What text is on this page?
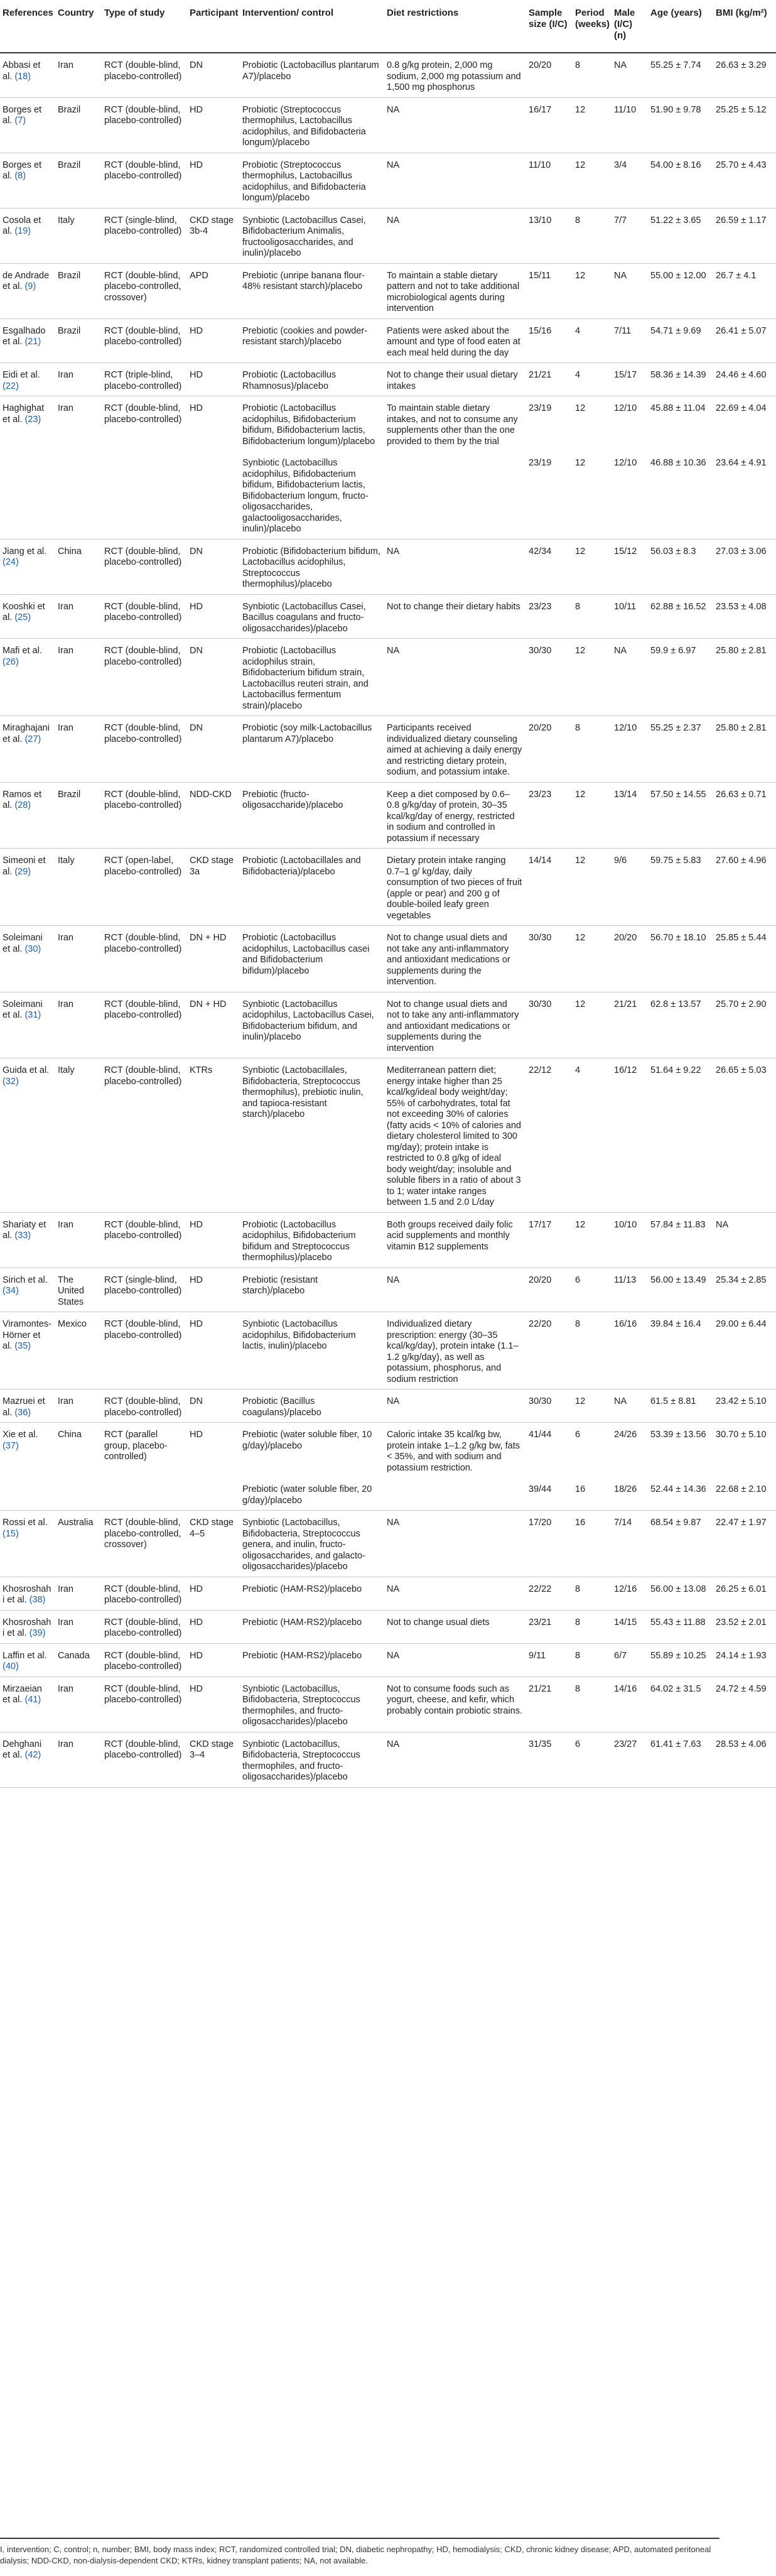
References	Country	Type of study	Participant	Intervention/ control	Diet restrictions	Sample size (I/C)	Period (weeks)	Male (I/C) (n)	Age (years)	BMI (kg/m²)
Abbasi et al. (18)	Iran	RCT (double-blind, placebo-controlled)	DN	Probiotic (Lactobacillus plantarum A7)/placebo	0.8 g/kg protein, 2,000 mg sodium, 2,000 mg potassium and 1,500 mg phosphorus	20/20	8	NA	55.25 ± 7.74	26.63 ± 3.29
Borges et al. (7)	Brazil	RCT (double-blind, placebo-controlled)	HD	Probiotic (Streptococcus thermophilus, Lactobacillus acidophilus, and Bifidobacteria longum)/placebo	NA	16/17	12	11/10	51.90 ± 9.78	25.25 ± 5.12
Borges et al. (8)	Brazil	RCT (double-blind, placebo-controlled)	HD	Probiotic (Streptococcus thermophilus, Lactobacillus acidophilus, and Bifidobacteria longum)/placebo	NA	11/10	12	3/4	54.00 ± 8.16	25.70 ± 4.43
Cosola et al. (19)	Italy	RCT (single-blind, placebo-controlled)	CKD stage 3b-4	Synbiotic (Lactobacillus Casei, Bifidobacterium Animalis, fructooligosaccharides, and inulin)/placebo	NA	13/10	8	7/7	51.22 ± 3.65	26.59 ± 1.17
de Andrade et al. (9)	Brazil	RCT (double-blind, placebo-controlled, crossover)	APD	Prebiotic (unripe banana flour-48% resistant starch)/placebo	To maintain a stable dietary pattern and not to take additional microbiological agents during intervention	15/11	12	NA	55.00 ± 12.00	26.7 ± 4.1
Esgalhado et al. (21)	Brazil	RCT (double-blind, placebo-controlled)	HD	Prebiotic (cookies and powder-resistant starch)/placebo	Patients were asked about the amount and type of food eaten at each meal held during the day	15/16	4	7/11	54.71 ± 9.69	26.41 ± 5.07
Eidi et al. (22)	Iran	RCT (triple-blind, placebo-controlled)	HD	Probiotic (Lactobacillus Rhamnosus)/placebo	Not to change their usual dietary intakes	21/21	4	15/17	58.36 ± 14.39	24.46 ± 4.60
Haghighat et al. (23)	Iran	RCT (double-blind, placebo-controlled)	HD	Probiotic (Lactobacillus acidophilus, Bifidobacterium bifidum, Bifidobacterium lactis, Bifidobacterium longum)/placebo	To maintain stable dietary intakes, and not to consume any supplements other than the one provided to them by the trial	23/19	12	12/10	45.88 ± 11.04	22.69 ± 4.04
				Synbiotic (Lactobacillus acidophilus, Bifidobacterium bifidum, Bifidobacterium lactis, Bifidobacterium longum, fructo-oligosaccharides, galactooligosaccharides, inulin)/placebo		23/19	12	12/10	46.88 ± 10.36	23.64 ± 4.91
Jiang et al. (24)	China	RCT (double-blind, placebo-controlled)	DN	Probiotic (Bifidobacterium bifidum, Lactobacillus acidophilus, Streptococcus thermophilus)/placebo	NA	42/34	12	15/12	56.03 ± 8.3	27.03 ± 3.06
Kooshki et al. (25)	Iran	RCT (double-blind, placebo-controlled)	HD	Synbiotic (Lactobacillus Casei, Bacillus coagulans and fructo-oligosaccharides)/placebo	Not to change their dietary habits	23/23	8	10/11	62.88 ± 16.52	23.53 ± 4.08
Mafi et al. (26)	Iran	RCT (double-blind, placebo-controlled)	DN	Probiotic (Lactobacillus acidophilus strain, Bifidobacterium bifidum strain, Lactobacillus reuteri strain, and Lactobacillus fermentum strain)/placebo	NA	30/30	12	NA	59.9 ± 6.97	25.80 ± 2.81
Miraghajani et al. (27)	Iran	RCT (double-blind, placebo-controlled)	DN	Probiotic (soy milk-Lactobacillus plantarum A7)/placebo	Participants received individualized dietary counseling aimed at achieving a daily energy and restricting dietary protein, sodium, and potassium intake.	20/20	8	12/10	55.25 ± 2.37	25.80 ± 2.81
Ramos et al. (28)	Brazil	RCT (double-blind, placebo-controlled)	NDD-CKD	Prebiotic (fructo-oligosaccharide)/placebo	Keep a diet composed by 0.6–0.8 g/kg/day of protein, 30–35 kcal/kg/day of energy, restricted in sodium and controlled in potassium if necessary	23/23	12	13/14	57.50 ± 14.55	26.63 ± 0.71
Simeoni et al. (29)	Italy	RCT (open-label, placebo-controlled)	CKD stage 3a	Probiotic (Lactobacillales and Bifidobacteria)/placebo	Dietary protein intake ranging 0.7–1 g/ kg/day, daily consumption of two pieces of fruit (apple or pear) and 200 g of double-boiled leafy green vegetables	14/14	12	9/6	59.75 ± 5.83	27.60 ± 4.96
Soleimani et al. (30)	Iran	RCT (double-blind, placebo-controlled)	DN + HD	Probiotic (Lactobacillus acidophilus, Lactobacillus casei and Bifidobacterium bifidum)/placebo	Not to change usual diets and not take any anti-inflammatory and antioxidant medications or supplements during the intervention.	30/30	12	20/20	56.70 ± 18.10	25.85 ± 5.44
Soleimani et al. (31)	Iran	RCT (double-blind, placebo-controlled)	DN + HD	Synbiotic (Lactobacillus acidophilus, Lactobacillus Casei, Bifidobacterium bifidum, and inulin)/placebo	Not to change usual diets and not to take any anti-inflammatory and antioxidant medications or supplements during the intervention	30/30	12	21/21	62.8 ± 13.57	25.70 ± 2.90
Guida et al. (32)	Italy	RCT (double-blind, placebo-controlled)	KTRs	Synbiotic (Lactobacillales, Bifidobacteria, Streptococcus thermophilus), prebiotic inulin, and tapioca-resistant starch)/placebo	Mediterranean pattern diet; energy intake higher than 25 kcal/kg/ideal body weight/day; 55% of carbohydrates, total fat not exceeding 30% of calories (fatty acids < 10% of calories and dietary cholesterol limited to 300 mg/day); protein intake is restricted to 0.8 g/kg of ideal body weight/day; insoluble and soluble fibers in a ratio of about 3 to 1; water intake ranges between 1.5 and 2.0 L/day	22/12	4	16/12	51.64 ± 9.22	26.65 ± 5.03
Shariaty et al. (33)	Iran	RCT (double-blind, placebo-controlled)	HD	Probiotic (Lactobacillus acidophilus, Bifidobacterium bifidum and Streptococcus thermophilus)/placebo	Both groups received daily folic acid supplements and monthly vitamin B12 supplements	17/17	12	10/10	57.84 ± 11.83	NA
Sirich et al. (34)	The United States	RCT (single-blind, placebo-controlled)	HD	Prebiotic (resistant starch)/placebo	NA	20/20	6	11/13	56.00 ± 13.49	25.34 ± 2.85
Viramontes-Hörner et al. (35)	Mexico	RCT (double-blind, placebo-controlled)	HD	Synbiotic (Lactobacillus acidophilus, Bifidobacterium lactis, inulin)/placebo	Individualized dietary prescription: energy (30–35 kcal/kg/day), protein intake (1.1–1.2 g/kg/day), as well as potassium, phosphorus, and sodium restriction	22/20	8	16/16	39.84 ± 16.4	29.00 ± 6.44
Mazruei et al. (36)	Iran	RCT (double-blind, placebo-controlled)	DN	Probiotic (Bacillus coagulans)/placebo	NA	30/30	12	NA	61.5 ± 8.81	23.42 ± 5.10
Xie et al. (37)	China	RCT (parallel group, placebo-controlled)	HD	Prebiotic (water soluble fiber, 10 g/day)/placebo	Caloric intake 35 kcal/kg bw, protein intake 1–1.2 g/kg bw, fats < 35%, and with sodium and potassium restriction.	41/44	6	24/26	53.39 ± 13.56	30.70 ± 5.10
				Prebiotic (water soluble fiber, 20 g/day)/placebo		39/44	16	18/26	52.44 ± 14.36	22.68 ± 2.10
Rossi et al. (15)	Australia	RCT (double-blind, placebo-controlled, crossover)	CKD stage 4–5	Synbiotic (Lactobacillus, Bifidobacteria, Streptococcus genera, and inulin, fructo-oligosaccharides, and galacto-oligosaccharides)/placebo	NA	17/20	16	7/14	68.54 ± 9.87	22.47 ± 1.97
Khosroshahi et al. (38)	Iran	RCT (double-blind, placebo-controlled)	HD	Prebiotic (HAM-RS2)/placebo	NA	22/22	8	12/16	56.00 ± 13.08	26.25 ± 6.01
Khosroshahi et al. (39)	Iran	RCT (double-blind, placebo-controlled)	HD	Prebiotic (HAM-RS2)/placebo	Not to change usual diets	23/21	8	14/15	55.43 ± 11.88	23.52 ± 2.01
Laffin et al. (40)	Canada	RCT (double-blind, placebo-controlled)	HD	Prebiotic (HAM-RS2)/placebo	NA	9/11	8	6/7	55.89 ± 10.25	24.14 ± 1.93
Mirzaeian et al. (41)	Iran	RCT (double-blind, placebo-controlled)	HD	Synbiotic (Lactobacillus, Bifidobacteria, Streptococcus thermophiles, and fructo-oligosaccharides)/placebo	Not to consume foods such as yogurt, cheese, and kefir, which probably contain probiotic strains.	21/21	8	14/16	64.02 ± 31.5	24.72 ± 4.59
Dehghani et al. (42)	Iran	RCT (double-blind, placebo-controlled)	CKD stage 3–4	Synbiotic (Lactobacillus, Bifidobacteria, Streptococcus thermophiles, and fructo-oligosaccharides)/placebo	NA	31/35	6	23/27	61.41 ± 7.63	28.53 ± 4.06
I, intervention; C, control; n, number; BMI, body mass index; RCT, randomized controlled trial; DN, diabetic nephropathy; HD, hemodialysis; CKD, chronic kidney disease; APD, automated peritoneal dialysis; NDD-CKD, non-dialysis-dependent CKD; KTRs, kidney transplant patients; NA, not available.
